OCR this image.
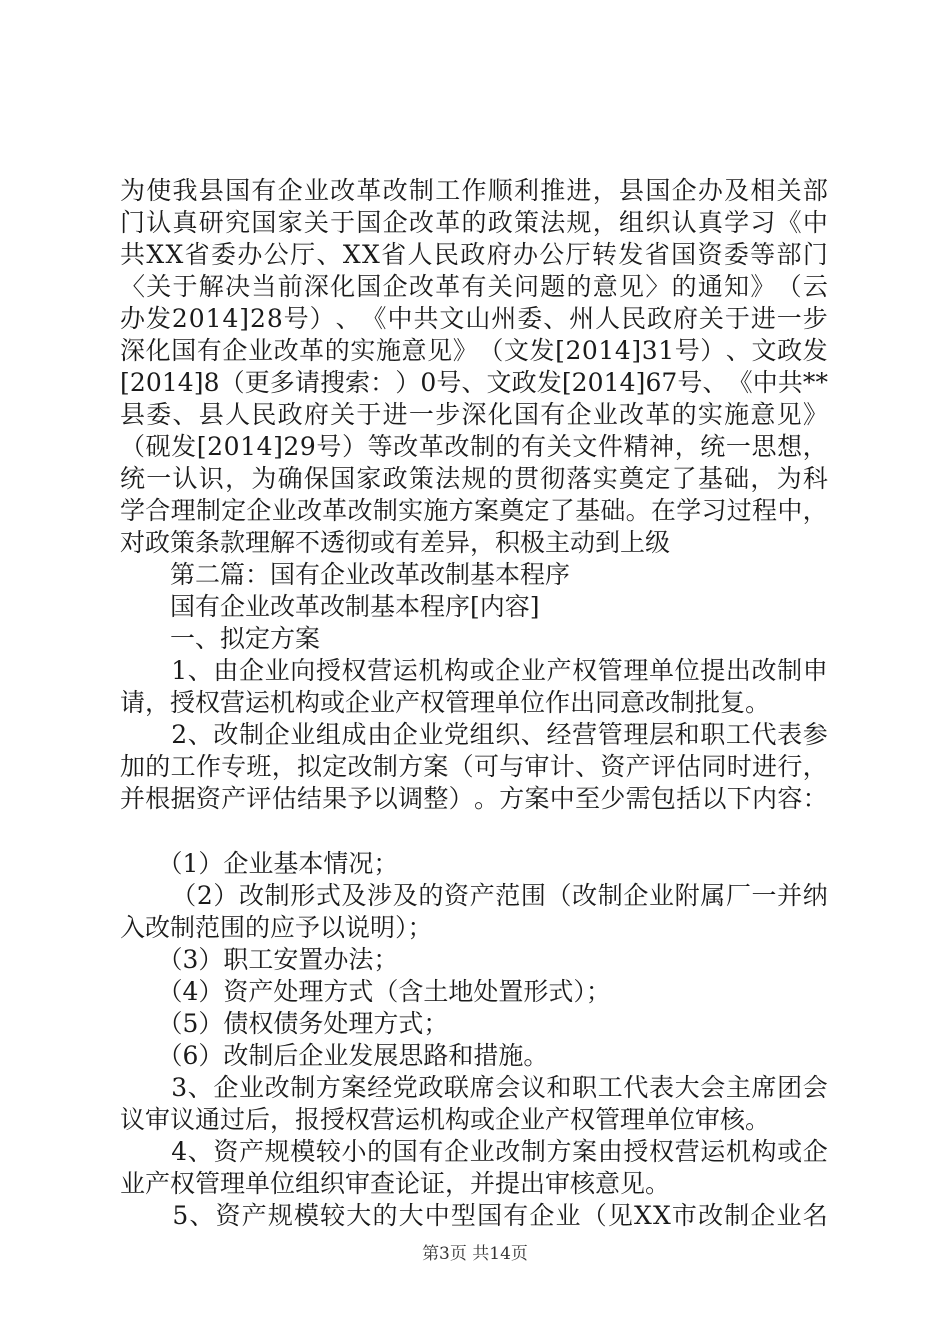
为 使 我 县 国 有 企 业 改 革 改 制 工 作 顺 利 推 进 ， 县 国 企 办 及 相 关 部
门 认 真 研 究 国 家 关 于 国 企 改 革 的 政 策 法 规 ， 组 织 认 真 学 习 《 中
共 X X 省 委 办 公 厅 、 X X 省 人 民 政 府 办 公 厅 转 发 省 国 资 委 等 部 门
〈 关 于 解 决 当 前 深 化 国 企 改 革 有 关 问 题 的 意 见 〉 的 通 知 》 （ 云
办 发 2 0 1 4 ] 2 8 号 ） 、 《 中 共 文 山 州 委 、 州 人 民 政 府 关 于 进 一 步
深 化 国 有 企 业 改 革 的 实 施 意 见 》 （ 文 发 [ 2 0 1 4 ] 3 1 号 ） 、 文 政 发
[ 2 0 1 4 ] 8 （ 更 多 请 搜 索 ： ） 0 号 、 文 政 发 [ 2 0 1 4 ] 6 7 号 、 《 中 共 * *
县 委 、 县 人 民 政 府 关 于 进 一 步 深 化 国 有 企 业 改 革 的 实 施 意 见 》
（ 砚 发 [ 2 0 1 4 ] 2 9 号 ） 等 改 革 改 制 的 有 关 文 件 精 神 ， 统 一 思 想 ，
统 一 认 识 ， 为 确 保 国 家 政 策 法 规 的 贯 彻 落 实 奠 定 了 基 础 ， 为 科
学 合 理 制 定 企 业 改 革 改 制 实 施 方 案 奠 定 了 基 础 。 在 学 习 过 程 中 ，
对政策条款理解不透彻或有差异，积极主动到上级
　　第二篇：国有企业改革改制基本程序
　　国有企业改革改制基本程序[内容]
　　一、拟定方案

1 、 由 企 业 向 授 权 营 运 机 构 或 企 业 产 权 管 理 单 位 提 出 改 制 申
请，授权营运机构或企业产权管理单位作出同意改制批复。

2 、 改 制 企 业 组 成 由 企 业 党 组 织 、 经 营 管 理 层 和 职 工 代 表 参
加 的 工 作 专 班 ， 拟 定 改 制 方 案 （ 可 与 审 计 、 资 产 评 估 同 时 进 行 ，
并 根 据 资 产 评 估 结 果 予 以 调 整 ） 。 方 案 中 至 少 需 包 括 以 下 内 容 ：
　　（1）企业基本情况；

（ 2 ） 改 制 形 式 及 涉 及 的 资 产 范 围 （ 改 制 企 业 附 属 厂 一 并 纳
入改制范围的应予以说明）；
　　（3）职工安置办法；
　　（4）资产处理方式（含土地处置形式）；
　　（5）债权债务处理方式；
　　（6）改制后企业发展思路和措施。

3 、 企 业 改 制 方 案 经 党 政 联 席 会 议 和 职 工 代 表 大 会 主 席 团 会
议审议通过后，报授权营运机构或企业产权管理单位审核。

4 、 资 产 规 模 较 小 的 国 有 企 业 改 制 方 案 由 授 权 营 运 机 构 或 企
业产权管理单位组织审查论证，并提出审核意见。

5 、 资 产 规 模 较 大 的 大 中 型 国 有 企 业 （ 见 X X 市 改 制 企 业 名
第3页 共14页
